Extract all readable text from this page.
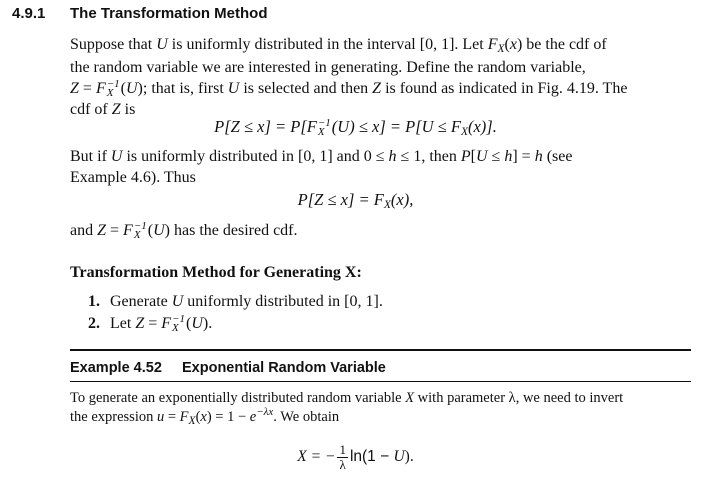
4.9.1 The Transformation Method
Suppose that U is uniformly distributed in the interval [0, 1]. Let FX(x) be the cdf of
the random variable we are interested in generating. Define the random variable,
Z = F −1
X (U); that is, first U is selected and then Z is found as indicated in Fig. 4.19. The
cdf of Z is
P[Z ≤ x] = P[F −1
X (U) ≤ x] = P[U ≤ FX(x)].
But if U is uniformly distributed in [0, 1] and 0 ≤ h ≤ 1, then P[U ≤ h] = h (see
Example 4.6). Thus
P[Z ≤ x] = FX(x),
and Z = F −1
X (U) has the desired cdf.
Transformation Method for Generating X:
1. Generate U uniformly distributed in [0, 1].
2. Let Z = F −1
X (U).
Example 4.52 Exponential Random Variable
To generate an exponentially distributed random variable X with parameter λ, we need to invert
the expression $u = F_X(x) = 1 - e^{-\lambda x}$. We obtain
X = − $\frac{1}{\lambda} \ln(1 - U)$.
